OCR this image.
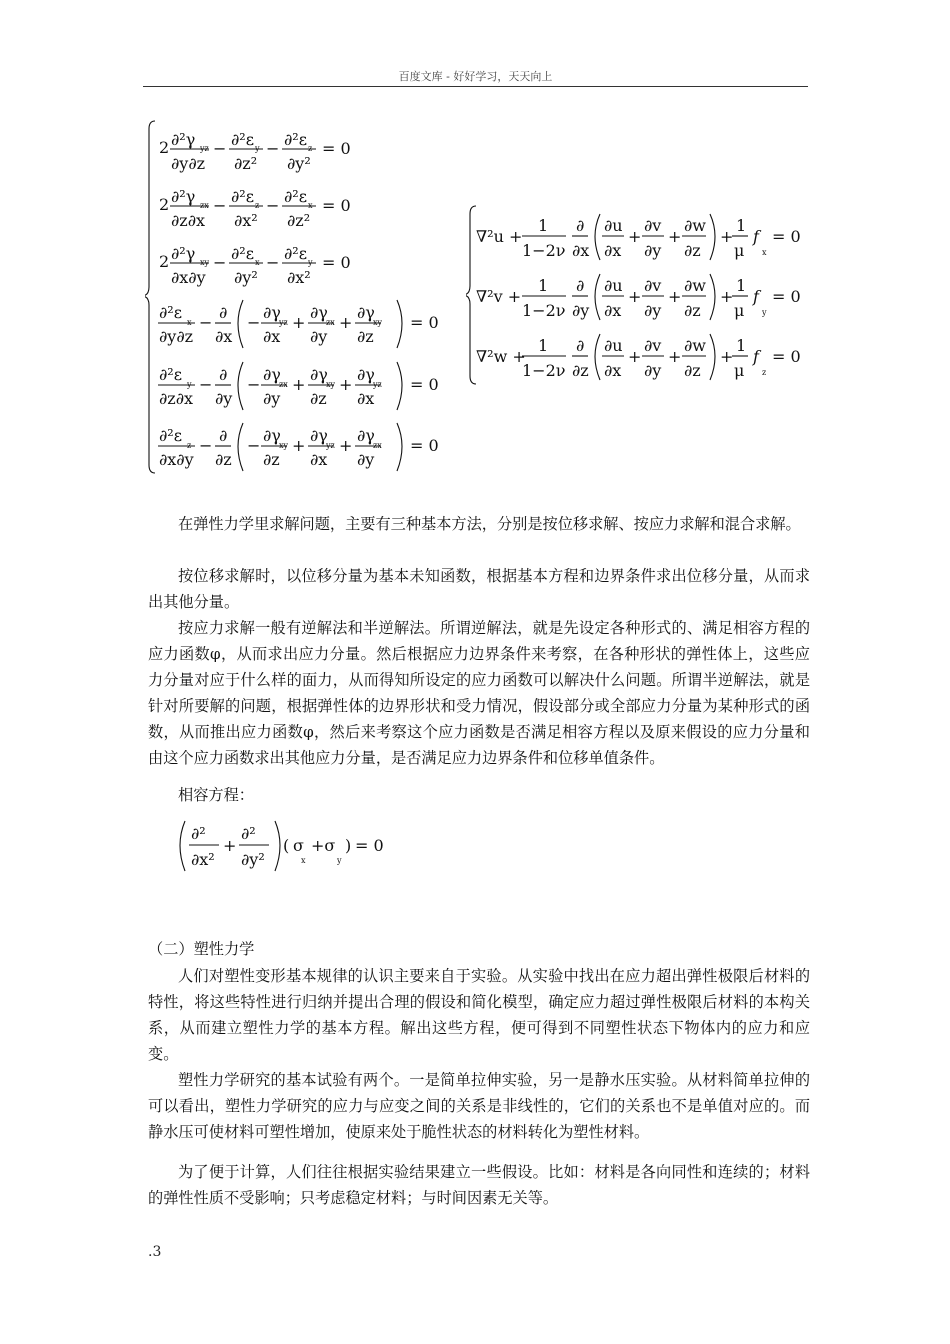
百度文库 - 好好学习，天天向上
2 ∂²γ yz
∂y∂z
− ∂²ε y
∂z²
− ∂²ε z
∂y²
= 0
2 ∂²γ zx
∂z∂x
− ∂²ε z
∂x²
− ∂²ε x
∂z²
= 0
2 ∂²γ xy
∂x∂y
− ∂²ε x
∂y²
− ∂²ε y
∂x²
= 0
∂²ε
x
∂y∂z
−
∂
∂x
−
∂γ
yz
∂x
+
∂γ
zx
∂y
+
∂γ
xy
∂z
= 0
∂²ε
y
∂z∂x
−
∂
∂y
−
∂γ
zx
∂y
+
∂γ
xy
∂z
+
∂γ
yz
∂x
= 0
∂²ε
z
∂x∂y
−
∂
∂z
−
∂γ
xy
∂z
+
∂γ
yz
∂x
+
∂γ
zx
∂y
= 0
∇²u +
1
1−2ν
∂
∂x
∂u
∂x
+
∂v
∂y
+
∂w
∂z
+
1
μ
f
x
= 0
∇²v +
1
1−2ν
∂
∂y
∂u
∂x
+
∂v
∂y
+
∂w
∂z
+
1
μ
f
y
= 0
∇²w +
1
1−2ν
∂
∂z
∂u
∂x
+
∂v
∂y
+
∂w
∂z
+
1
μ
f
z
= 0

在弹性力学里求解问题，主要有三种基本方法，分别是按位移求解、按应力求解和混合求解。

按位移求解时，以位移分量为基本未知函数，根据基本方程和边界条件求出位移分量，从而求出其他分量。

按应力求解一般有逆解法和半逆解法。所谓逆解法，就是先设定各种形式的、满足相容方程的应力函数φ，从而求出应力分量。然后根据应力边界条件来考察，在各种形状的弹性体上，这些应力分量对应于什么样的面力，从而得知所设定的应力函数可以解决什么问题。所谓半逆解法，就是针对所要解的问题，根据弹性体的边界形状和受力情况，假设部分或全部应力分量为某种形式的函数，从而推出应力函数φ，然后来考察这个应力函数是否满足相容方程以及原来假设的应力分量和由这个应力函数求出其他应力分量，是否满足应力边界条件和位移单值条件。

相容方程：
∂²
∂x²
+
∂²
∂y²
( σ
x
+σ
y
) = 0
（二）塑性力学

人们对塑性变形基本规律的认识主要来自于实验。从实验中找出在应力超出弹性极限后材料的特性，将这些特性进行归纳并提出合理的假设和简化模型，确定应力超过弹性极限后材料的本构关系，从而建立塑性力学的基本方程。解出这些方程，便可得到不同塑性状态下物体内的应力和应变。

塑性力学研究的基本试验有两个。一是简单拉伸实验，另一是静水压实验。从材料简单拉伸的可以看出，塑性力学研究的应力与应变之间的关系是非线性的，它们的关系也不是单值对应的。而静水压可使材料可塑性增加，使原来处于脆性状态的材料转化为塑性材料。

为了便于计算，人们往往根据实验结果建立一些假设。比如：材料是各向同性和连续的；材料的弹性性质不受影响；只考虑稳定材料；与时间因素无关等。

.3
